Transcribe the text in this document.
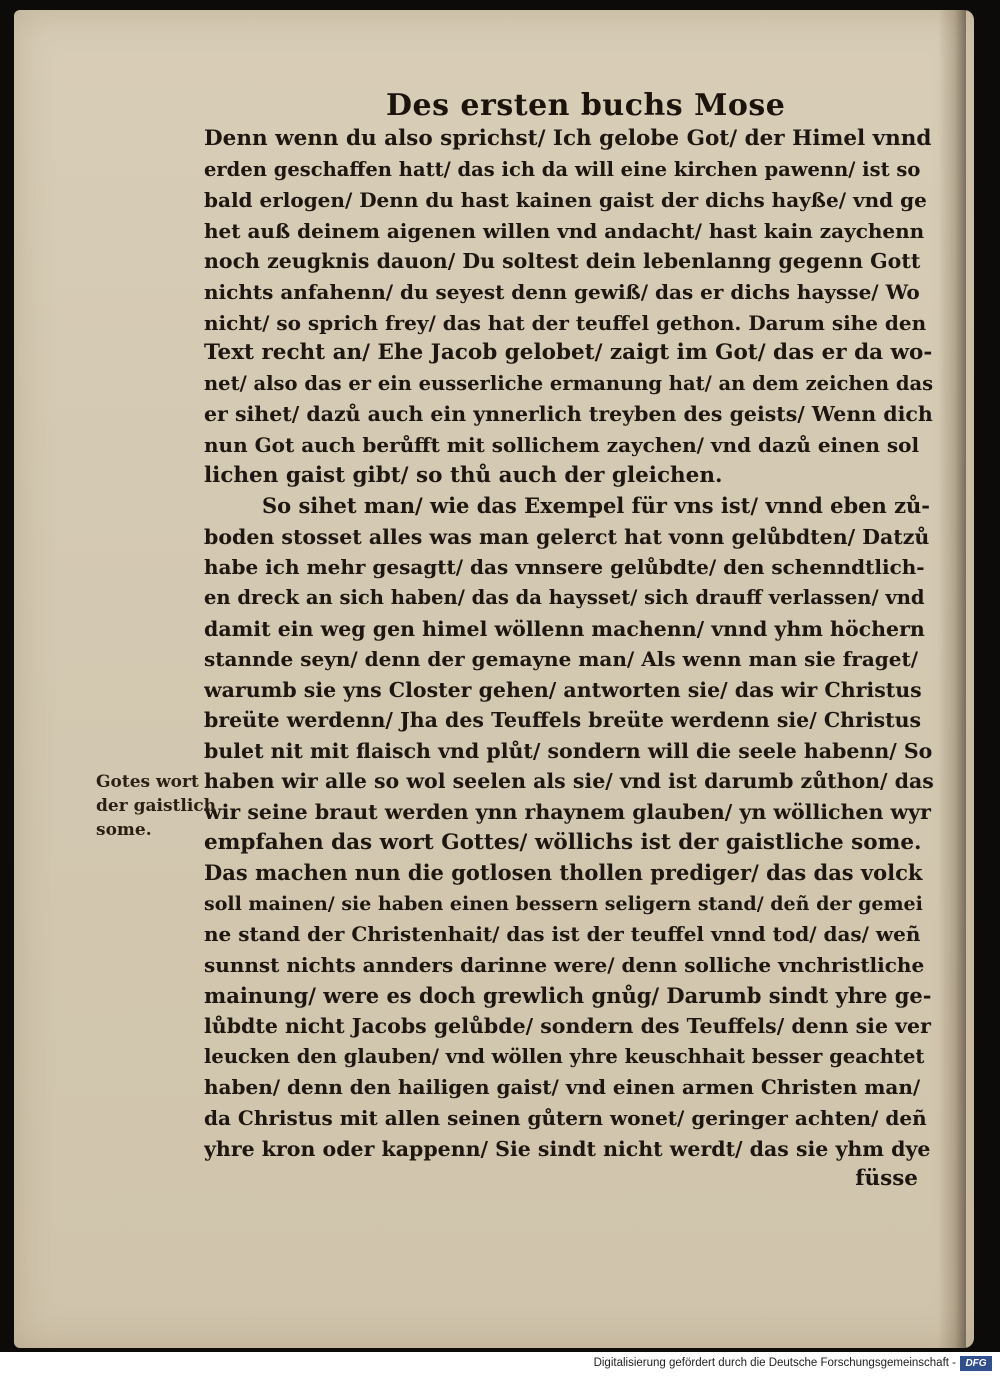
Des ersten buchs Mose
Denn wenn du also sprichst/ Ich gelobe Got/ der Himel vnnd
erden geschaffen hatt/ das ich da will eine kirchen pawenn/ ist so
bald erlogen/ Denn du hast kainen gaist der dichs hayße/ vnd ge
het auß deinem aigenen willen vnd andacht/ hast kain zaychenn
noch zeugknis dauon/ Du soltest dein lebenlanng gegenn Gott
nichts anfahenn/ du seyest denn gewiß/ das er dichs haysse/ Wo
nicht/ so sprich frey/ das hat der teuffel gethon. Darum sihe den
Text recht an/ Ehe Jacob gelobet/ zaigt im Got/ das er da wo-
net/ also das er ein eusserliche ermanung hat/ an dem zeichen das
er sihet/ dazů auch ein ynnerlich treyben des geists/ Wenn dich
nun Got auch berůfft mit sollichem zaychen/ vnd dazů einen sol
lichen gaist gibt/ so thů auch der gleichen.
So sihet man/ wie das Exempel für vns ist/ vnnd eben zů-
boden stosset alles was man gelerct hat vonn gelůbdten/ Datzů
habe ich mehr gesagtt/ das vnnsere gelůbdte/ den schenndtlich-
en dreck an sich haben/ das da haysset/ sich drauff verlassen/ vnd
damit ein weg gen himel wöllenn machenn/ vnnd yhm höchern
stannde seyn/ denn der gemayne man/ Als wenn man sie fraget/
warumb sie yns Closter gehen/ antworten sie/ das wir Christus
breüte werdenn/ Jha des Teuffels breüte werdenn sie/ Christus
bulet nit mit flaisch vnd plůt/ sondern will die seele habenn/ So
haben wir alle so wol seelen als sie/ vnd ist darumb zůthon/ das
wir seine braut werden ynn rhaynem glauben/ yn wöllichen wyr
empfahen das wort Gottes/ wöllichs ist der gaistliche some.
Das machen nun die gotlosen thollen prediger/ das das volck
soll mainen/ sie haben einen bessern seligern stand/ deñ der gemei
ne stand der Christenhait/ das ist der teuffel vnnd tod/ das/ weñ
sunnst nichts annders darinne were/ denn solliche vnchristliche
mainung/ were es doch grewlich gnůg/ Darumb sindt yhre ge-
lůbdte nicht Jacobs gelůbde/ sondern des Teuffels/ denn sie ver
leucken den glauben/ vnd wöllen yhre keuschhait besser geachtet
haben/ denn den hailigen gaist/ vnd einen armen Christen man/
da Christus mit allen seinen gůtern wonet/ geringer achten/ deñ
yhre kron oder kappenn/ Sie sindt nicht werdt/ das sie yhm dye
füsse
Gotes wort
der gaistlich
some.
Digitalisierung gefördert durch die Deutsche Forschungsgemeinschaft - DFG
